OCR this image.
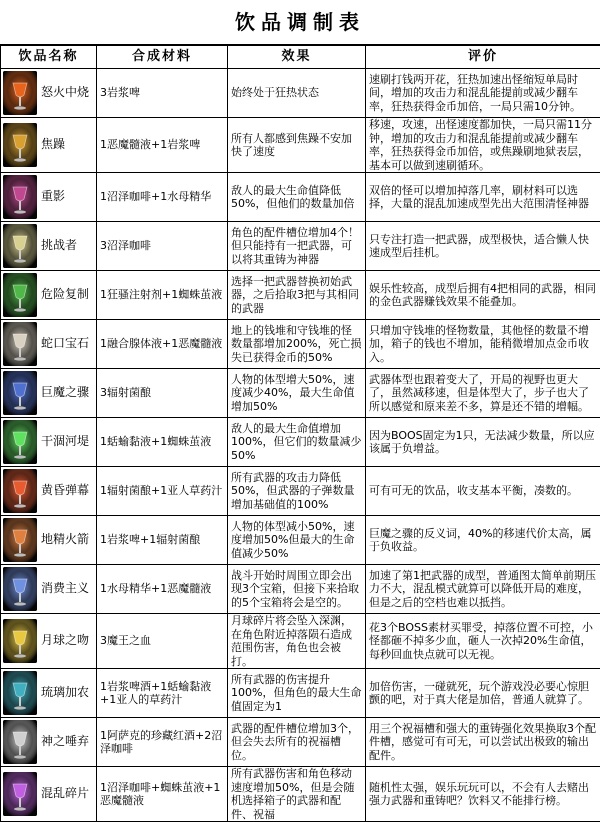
饮品调制表
饮品名称	合成材料	效果	评价

怒火中烧	3岩浆啤	始终处于狂热状态	速刷打钱两开花，狂热加速出怪缩短单局时间，增加的攻击力和混乱能提前或减少翻车率，狂热获得金币加倍，一局只需10分钟。

焦躁	1恶魔髓液+1岩浆啤	所有人都感到焦躁不安加快了速度	移速，攻速，出怪速度都加快，一局只需11分钟，增加的攻击力和混乱能提前或减少翻车率，狂热获得金币加倍，或焦躁刷地狱表层，基本可以做到速刷循环。

重影	1沼泽咖啡+1水母精华	敌人的最大生命值降低50%，但他们的数量加倍	双倍的怪可以增加掉落几率，刷材料可以选择，大量的混乱加速成型先出大范围清怪神器

挑战者	3沼泽咖啡	角色的配件槽位增加4个！但只能持有一把武器，可以将其重铸为神器	只专注打造一把武器，成型极快，适合懒人快速成型后挂机。

危险复制	1狂骚注射剂+1蜘蛛茧液	选择一把武器替换初始武器，之后拾取3把与其相同的武器	娱乐性较高，成型后拥有4把相同的武器，相同的金色武器赚钱效果不能叠加。

蛇口宝石	1融合腺体液+1恶魔髓液	地上的钱堆和守钱堆的怪数量都增加200%，死亡损失已获得金币的50%	只增加守钱堆的怪物数量，其他怪的数量不增加，箱子的钱也不增加，能稍微增加点金币收入。

巨魔之骤	3辐射菌酿	人物的体型增大50%，速度减少40%，最大生命值增加50%	武器体型也跟着变大了，开局的视野也更大了，虽然减移速，但是体型大了，步子也大了所以感觉和原来差不多，算是还不错的增幅。

干涸河堤	1蛞蝓黏液+1蜘蛛茧液	敌人的最大生命值增加100%，但它们的数量减少50%	因为BOOS固定为1只，无法减少数量，所以应该属于负增益。

黄昏弹幕	1辐射菌酿+1亚人草药汁	所有武器的攻击力降低50%，但武器的子弹数量增加基础值的100%	可有可无的饮品，收支基本平衡，凑数的。

地精火箭	1岩浆啤+1辐射菌酿	人物的体型减小50%，速度增加50%但最大的生命值减少50%	巨魔之骤的反义词，40%的移速代价太高，属于负收益。

消费主义	1水母精华+1恶魔髓液	战斗开始时周围立即会出现3个宝箱，但接下来拾取的5个宝箱将会是空的。	加速了第1把武器的成型，普通图太简单前期压力不大，混乱模式就算可以降低开局的难度，但是之后的空档也难以抵挡。

月球之吻	3魔王之血	月球碎片将会坠入深渊，在角色附近掉落陨石造成范围伤害，角色也会被打。	花3个BOSS素材买罪受，掉落位置不可控，小怪都砸不掉多少血，砸人一次掉20%生命值，每秒回血快点就可以无视。

琉璃加农	1岩浆啤酒+1蛞蝓黏液+1亚人的草药汁	所有武器的伤害提升100%，但角色的最大生命值固定为1	加倍伤害，一碰就死，玩个游戏没必要心惊胆颤的吧，对于真大佬是加倍，普通人就算了。

神之唾弃	1阿萨克的珍藏红酒+2沼泽咖啡	武器的配件槽位增加3个，但会失去所有的祝福槽位。	用三个祝福槽和强大的重铸强化效果换取3个配件槽，感觉可有可无，可以尝试出极致的输出配件。

混乱碎片	1沼泽咖啡+蜘蛛茧液+1恶魔髓液	所有武器伤害和角色移动速度增加50%，但是会随机选择箱子的武器和配件、祝福	随机性太强，娱乐玩玩可以，不会有人去赌出强力武器和重铸吧？饮料又不能排行榜。
